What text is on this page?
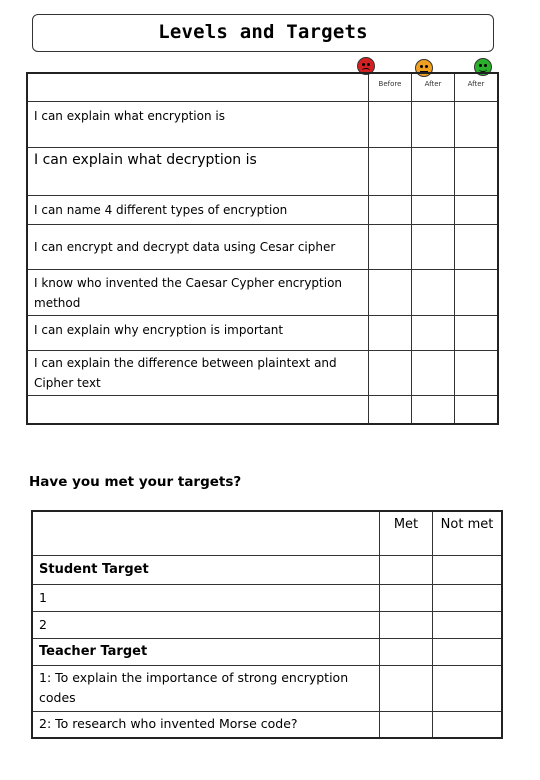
Levels and Targets
	Before	After	After
I can explain what encryption is			
I can explain what decryption is			
I can name 4 different types of encryption			
I can encrypt and decrypt data using Cesar cipher			
I know who invented the Caesar Cypher encryption method			
I can explain why encryption is important			
I can explain the difference between plaintext and Cipher text			

Have you met your targets?
	Met	Not met
Student Target		
1		
2		
Teacher Target		
1: To explain the importance of strong encryption codes		
2: To research who invented Morse code?		
